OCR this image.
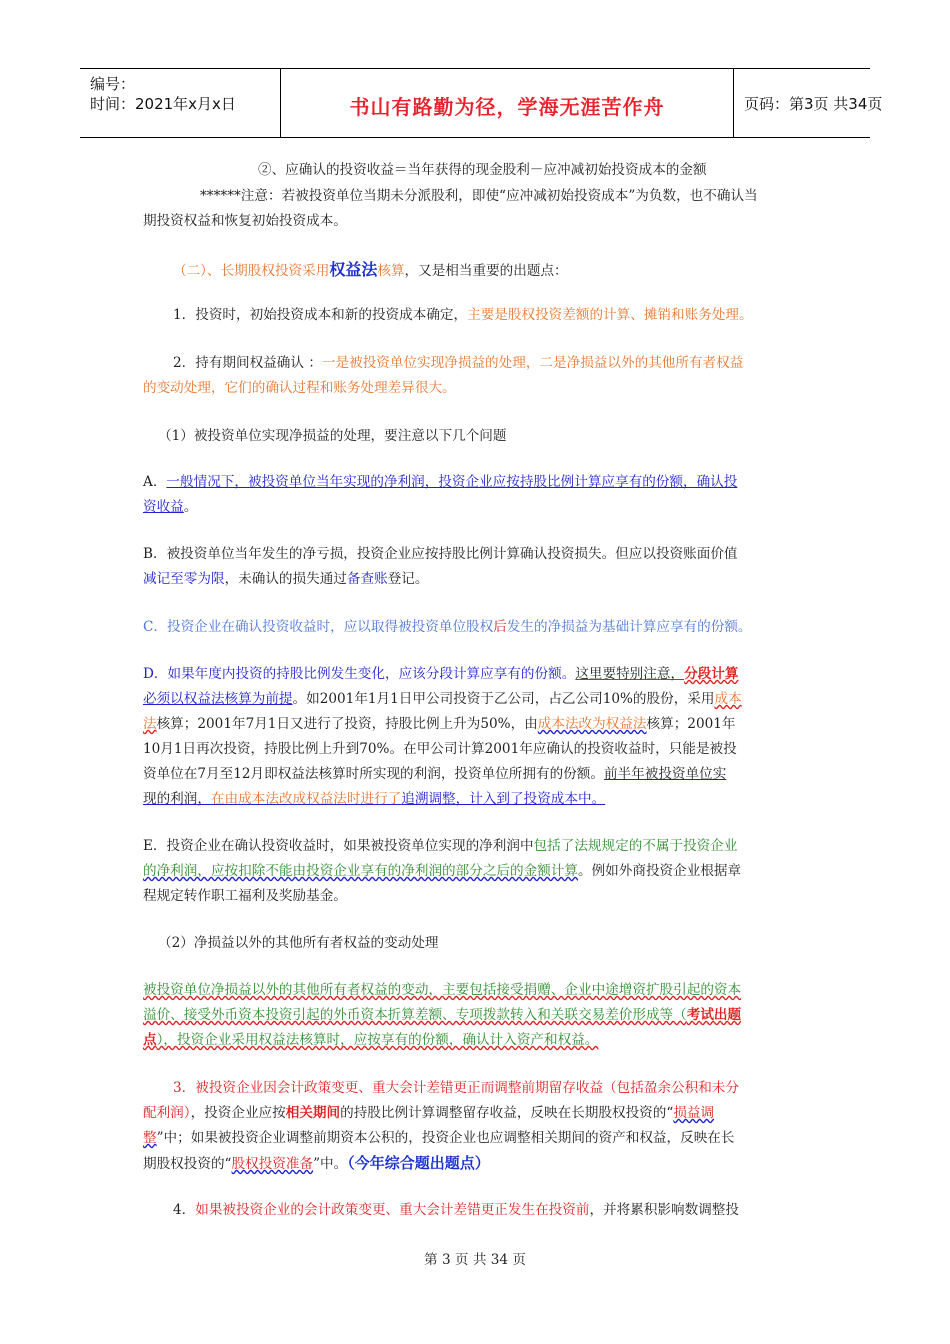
编号：
时间：2021年x月x日	书山有路勤为径，学海无涯苦作舟	页码：第3页 共34页
②、应确认的投资收益＝当年获得的现金股利－应冲减初始投资成本的金额
******注意：若被投资单位当期未分派股利，即使“应冲减初始投资成本”为负数，也不确认当
期投资权益和恢复初始投资成本。
（二）、长期股权投资采用权益法核算，又是相当重要的出题点：
1．投资时，初始投资成本和新的投资成本确定，主要是股权投资差额的计算、摊销和账务处理。
2．持有期间权益确认 ：一是被投资单位实现净损益的处理，二是净损益以外的其他所有者权益
的变动处理，它们的确认过程和账务处理差异很大。
（1）被投资单位实现净损益的处理，要注意以下几个问题
A．一般情况下，被投资单位当年实现的净利润，投资企业应按持股比例计算应享有的份额，确认投
资收益。
B．被投资单位当年发生的净亏损，投资企业应按持股比例计算确认投资损失。但应以投资账面价值
减记至零为限，未确认的损失通过备查账登记。
C．投资企业在确认投资收益时，应以取得被投资单位股权后发生的净损益为基础计算应享有的份额。
D．如果年度内投资的持股比例发生变化，应该分段计算应享有的份额。这里要特别注意，分段计算
必须以权益法核算为前提。如2001年1月1日甲公司投资于乙公司，占乙公司10%的股份，采用成本
法核算；2001年7月1日又进行了投资，持股比例上升为50%，由成本法改为权益法核算；2001年
10月1日再次投资，持股比例上升到70%。在甲公司计算2001年应确认的投资收益时，只能是被投
资单位在7月至12月即权益法核算时所实现的利润，投资单位所拥有的份额。前半年被投资单位实
现的利润，在由成本法改成权益法时进行了追溯调整，计入到了投资成本中。
E．投资企业在确认投资收益时，如果被投资单位实现的净利润中包括了法规规定的不属于投资企业
的净利润，应按扣除不能由投资企业享有的净利润的部分之后的金额计算。例如外商投资企业根据章
程规定转作职工福利及奖励基金。
（2）净损益以外的其他所有者权益的变动处理
被投资单位净损益以外的其他所有者权益的变动，主要包括接受捐赠、企业中途增资扩股引起的资本
溢价、接受外币资本投资引起的外币资本折算差额、专项拨款转入和关联交易差价形成等（考试出题
点），投资企业采用权益法核算时，应按享有的份额，确认计入资产和权益。
3．被投资企业因会计政策变更、重大会计差错更正而调整前期留存收益（包括盈余公积和未分
配利润），投资企业应按相关期间的持股比例计算调整留存收益，反映在长期股权投资的“损益调
整”中；如果被投资企业调整前期资本公积的，投资企业也应调整相关期间的资产和权益，反映在长
期股权投资的“股权投资准备”中。（今年综合题出题点）
4．如果被投资企业的会计政策变更、重大会计差错更正发生在投资前，并将累积影响数调整投
第 3 页 共 34 页
